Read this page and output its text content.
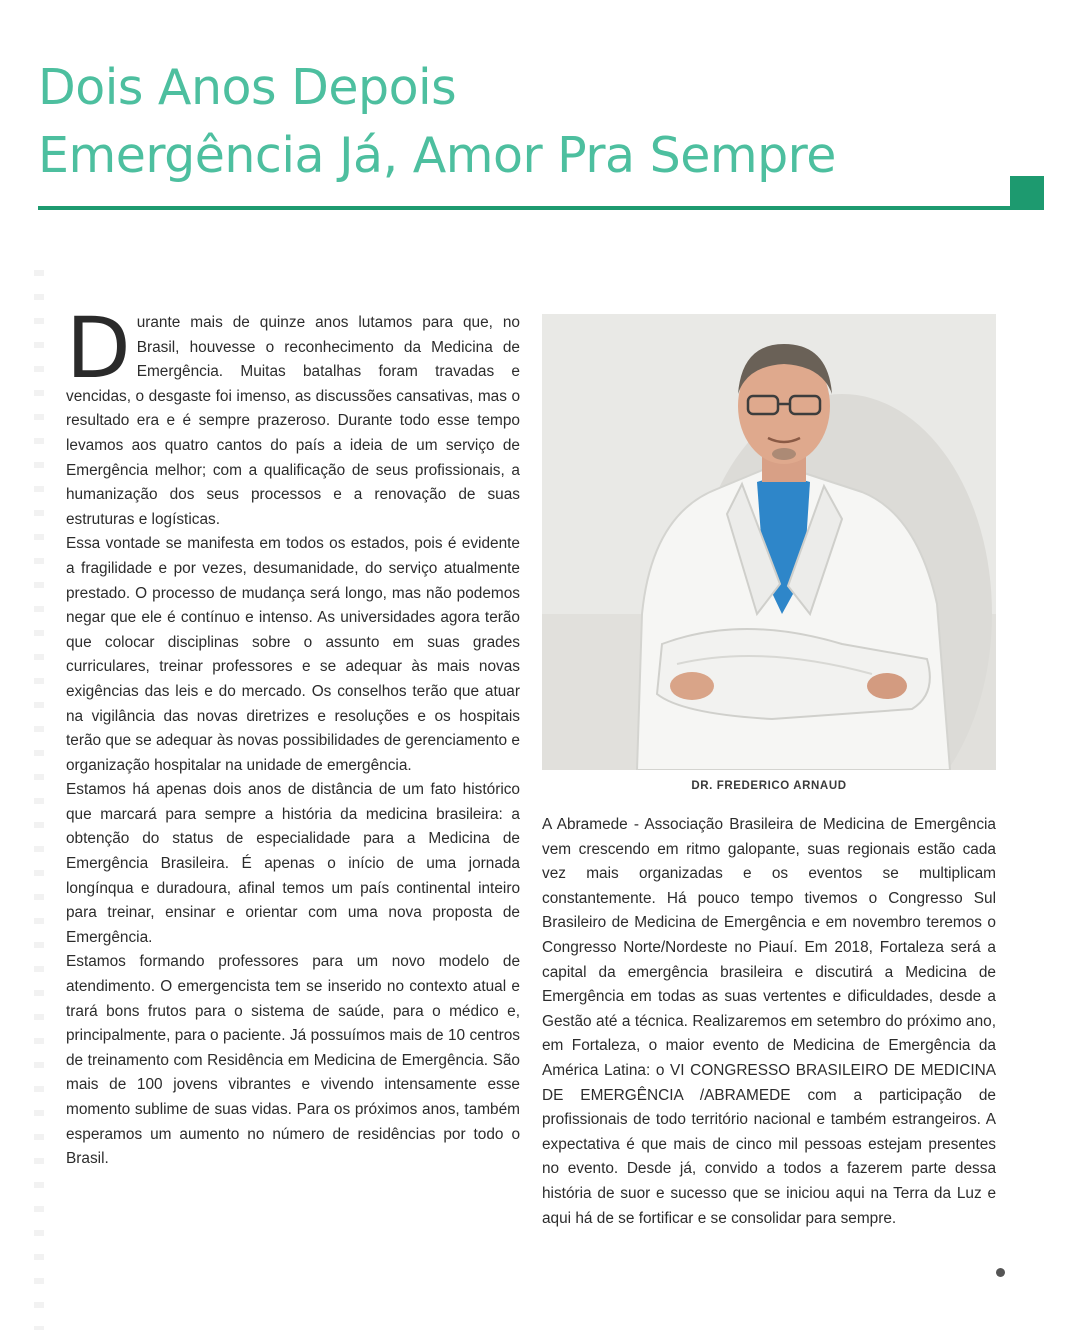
Dois Anos Depois
Emergência Já, Amor Pra Sempre

Durante mais de quinze anos lutamos para que, no Brasil, houvesse o reconhecimento da Medicina de Emergência. Muitas batalhas foram travadas e vencidas, o desgaste foi imenso, as discussões cansativas, mas o resultado era e é sempre prazeroso. Durante todo esse tempo levamos aos quatro cantos do país a ideia de um serviço de Emergência melhor; com a qualificação de seus profissionais, a humanização dos seus processos e a renovação de suas estruturas e logísticas.

Essa vontade se manifesta em todos os estados, pois é evidente a fragilidade e por vezes, desumanidade, do serviço atualmente prestado. O processo de mudança será longo, mas não podemos negar que ele é contínuo e intenso. As universidades agora terão que colocar disciplinas sobre o assunto em suas grades curriculares, treinar professores e se adequar às mais novas exigências das leis e do mercado. Os conselhos terão que atuar na vigilância das novas diretrizes e resoluções e os hospitais terão que se adequar às novas possibilidades de gerenciamento e organização hospitalar na unidade de emergência.

Estamos há apenas dois anos de distância de um fato histórico que marcará para sempre a história da medicina brasileira: a obtenção do status de especialidade para a Medicina de Emergência Brasileira. É apenas o início de uma jornada longínqua e duradoura, afinal temos um país continental inteiro para treinar, ensinar e orientar com uma nova proposta de Emergência.

Estamos formando professores para um novo modelo de atendimento. O emergencista tem se inserido no contexto atual e trará bons frutos para o sistema de saúde, para o médico e, principalmente, para o paciente. Já possuímos mais de 10 centros de treinamento com Residência em Medicina de Emergência. São mais de 100 jovens vibrantes e vivendo intensamente esse momento sublime de suas vidas. Para os próximos anos, também esperamos um aumento no número de residências por todo o Brasil.

DR. FREDERICO ARNAUD

A Abramede - Associação Brasileira de Medicina de Emergência vem crescendo em ritmo galopante, suas regionais estão cada vez mais organizadas e os eventos se multiplicam constantemente. Há pouco tempo tivemos o Congresso Sul Brasileiro de Medicina de Emergência e em novembro teremos o Congresso Norte/Nordeste no Piauí. Em 2018, Fortaleza será a capital da emergência brasileira e discutirá a Medicina de Emergência em todas as suas vertentes e dificuldades, desde a Gestão até a técnica. Realizaremos em setembro do próximo ano, em Fortaleza, o maior evento de Medicina de Emergência da América Latina: o VI CONGRESSO BRASILEIRO DE MEDICINA DE EMERGÊNCIA /ABRAMEDE com a participação de profissionais de todo território nacional e também estrangeiros. A expectativa é que mais de cinco mil pessoas estejam presentes no evento. Desde já, convido a todos a fazerem parte dessa história de suor e sucesso que se iniciou aqui na Terra da Luz e aqui há de se fortificar e se consolidar para sempre.
